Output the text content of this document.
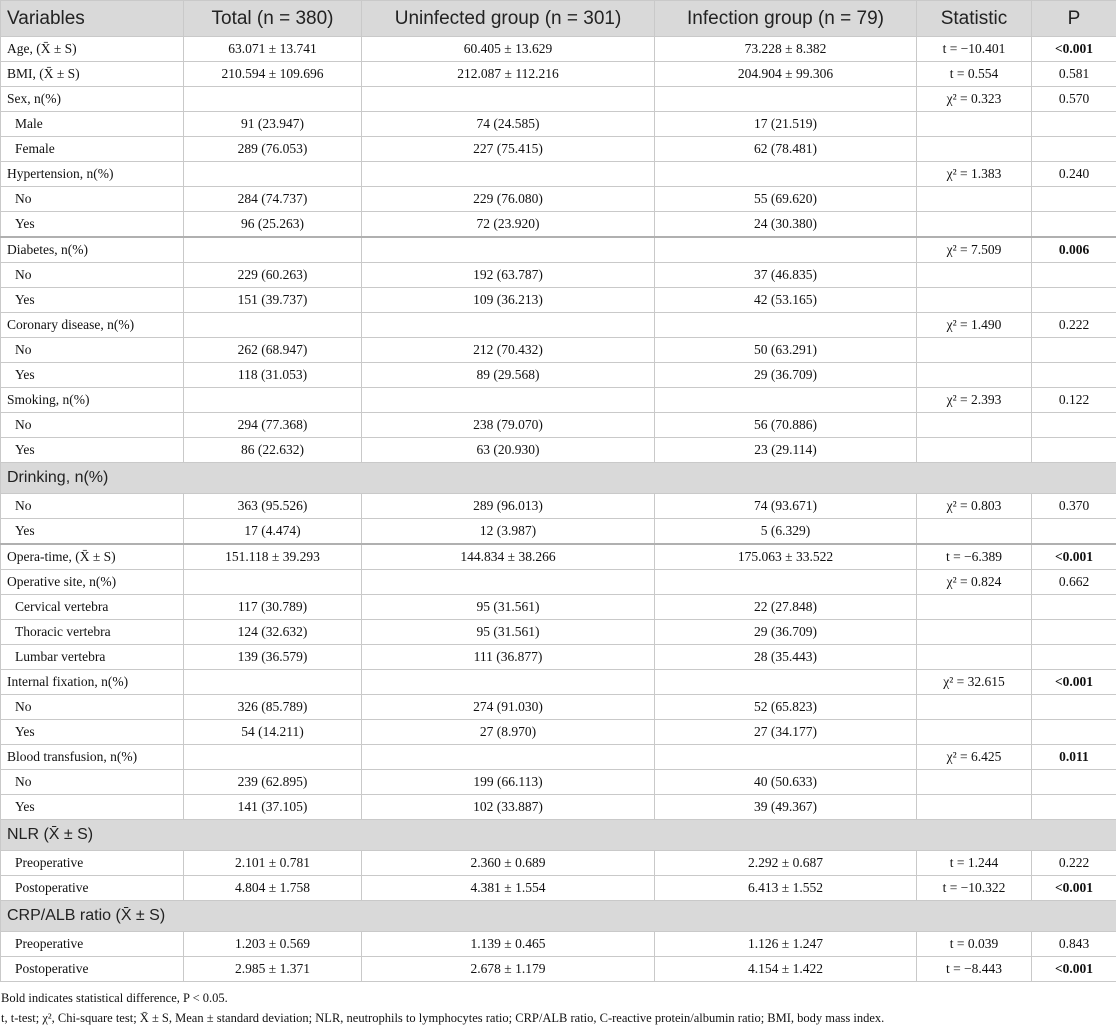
Variables	Total (n = 380)	Uninfected group (n = 301)	Infection group (n = 79)	Statistic	P
Age, (X̄ ± S)	63.071 ± 13.741	60.405 ± 13.629	73.228 ± 8.382	t = −10.401	<0.001
BMI, (X̄ ± S)	210.594 ± 109.696	212.087 ± 112.216	204.904 ± 99.306	t = 0.554	0.581
Sex, n(%)				χ² = 0.323	0.570
Male	91 (23.947)	74 (24.585)	17 (21.519)		
Female	289 (76.053)	227 (75.415)	62 (78.481)		
Hypertension, n(%)				χ² = 1.383	0.240
No	284 (74.737)	229 (76.080)	55 (69.620)		
Yes	96 (25.263)	72 (23.920)	24 (30.380)		
Diabetes, n(%)				χ² = 7.509	0.006
No	229 (60.263)	192 (63.787)	37 (46.835)		
Yes	151 (39.737)	109 (36.213)	42 (53.165)		
Coronary disease, n(%)				χ² = 1.490	0.222
No	262 (68.947)	212 (70.432)	50 (63.291)		
Yes	118 (31.053)	89 (29.568)	29 (36.709)		
Smoking, n(%)				χ² = 2.393	0.122
No	294 (77.368)	238 (79.070)	56 (70.886)		
Yes	86 (22.632)	63 (20.930)	23 (29.114)		
Drinking, n(%)					
No	363 (95.526)	289 (96.013)	74 (93.671)	χ² = 0.803	0.370
Yes	17 (4.474)	12 (3.987)	5 (6.329)		
Opera-time, (X̄ ± S)	151.118 ± 39.293	144.834 ± 38.266	175.063 ± 33.522	t = −6.389	<0.001
Operative site, n(%)				χ² = 0.824	0.662
Cervical vertebra	117 (30.789)	95 (31.561)	22 (27.848)		
Thoracic vertebra	124 (32.632)	95 (31.561)	29 (36.709)		
Lumbar vertebra	139 (36.579)	111 (36.877)	28 (35.443)		
Internal fixation, n(%)				χ² = 32.615	<0.001
No	326 (85.789)	274 (91.030)	52 (65.823)		
Yes	54 (14.211)	27 (8.970)	27 (34.177)		
Blood transfusion, n(%)				χ² = 6.425	0.011
No	239 (62.895)	199 (66.113)	40 (50.633)		
Yes	141 (37.105)	102 (33.887)	39 (49.367)		
NLR (X̄ ± S)					
Preoperative	2.101 ± 0.781	2.360 ± 0.689	2.292 ± 0.687	t = 1.244	0.222
Postoperative	4.804 ± 1.758	4.381 ± 1.554	6.413 ± 1.552	t = −10.322	<0.001
CRP/ALB ratio (X̄ ± S)					
Preoperative	1.203 ± 0.569	1.139 ± 0.465	1.126 ± 1.247	t = 0.039	0.843
Postoperative	2.985 ± 1.371	2.678 ± 1.179	4.154 ± 1.422	t = −8.443	<0.001

Bold indicates statistical difference, P < 0.05.

t, t-test; χ², Chi-square test; X̄ ± S, Mean ± standard deviation; NLR, neutrophils to lymphocytes ratio; CRP/ALB ratio, C-reactive protein/albumin ratio; BMI, body mass index.
